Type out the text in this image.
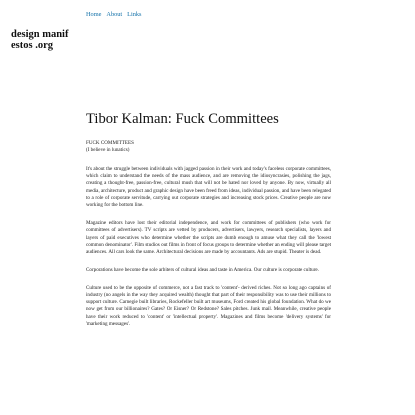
design manifestos .org
Home About Links
Tibor Kalman: Fuck Committees
FUCK COMMITTEES
(I believe in lunatics)

It's about the struggle between individuals with jagged passion in their work and today's faceless corporate committees, which claim to understand the needs of the mass audience, and are removing the idiosyncrasies, polishing the jags, creating a thought-free, passion-free, cultural mush that will not be hated nor loved by anyone. By now, virtually all media, architecture, product and graphic design have been freed from ideas, individual passion, and have been relegated to a role of corporate servitude, carrying out corporate strategies and increasing stock prices. Creative people are now working for the bottom line.

Magazine editors have lost their editorial independence, and work for committees of publishers (who work for committees of advertisers). TV scripts are vetted by producers, advertisers, lawyers, research specialists, layers and layers of paid executives who determine whether the scripts are dumb enough to amuse what they call the 'lowest common denominator'. Film studios out films in front of focus groups to determine whether an ending will please target audiences. All cars look the same. Architectural decisions are made by accountants. Ads are stupid. Theater is dead.

Corporations have become the sole arbiters of cultural ideas and taste in America. Our culture is corporate culture.

Culture used to be the opposite of commerce, not a fast track to 'content'- derived riches. Not so long ago captains of industry (no angels in the way they acquired wealth) thought that part of their responsibility was to use their millions to support culture. Carnegie built libraries, Rockefeller built art museums, Ford created his global foundation. What do we now get from our billionaires? Gates? Or Eisner? Or Redstone? Sales pitches. Junk mail. Meanwhile, creative people have their work reduced to 'content' or 'intellectual property'. Magazines and films become 'delivery systems' for 'marketing messages'.
